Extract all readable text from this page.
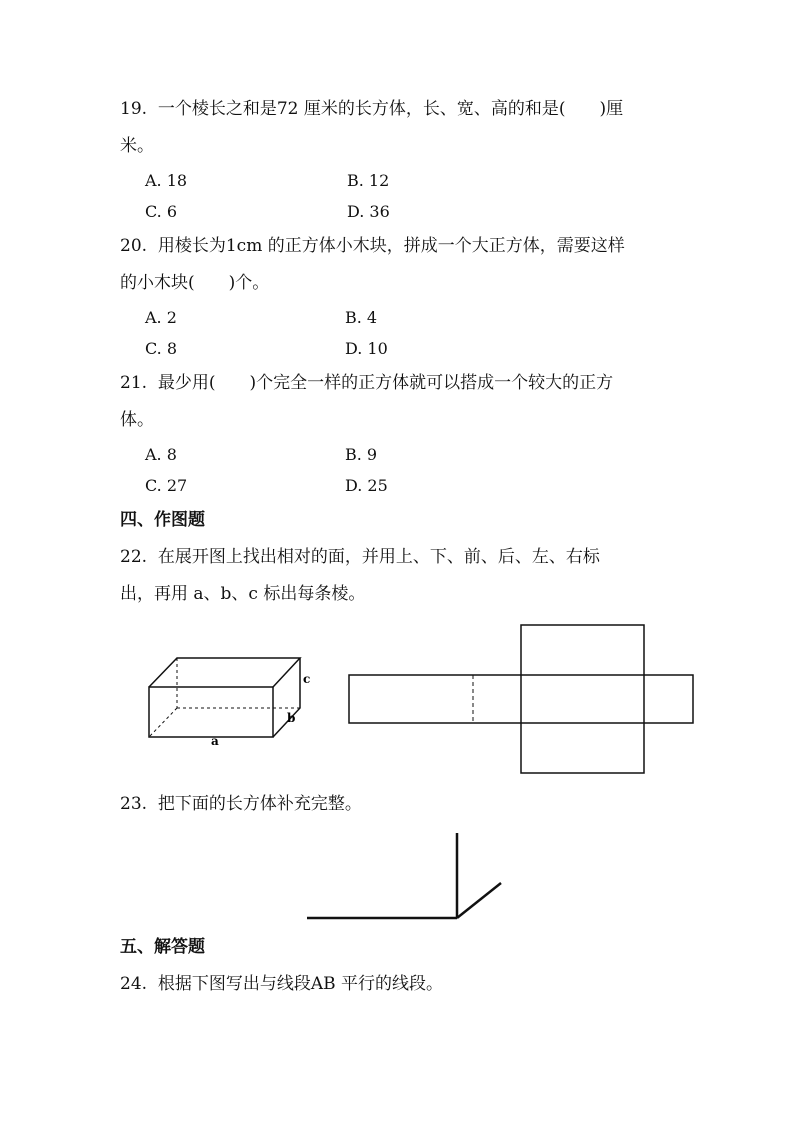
19. 一个棱长之和是72 厘米的长方体，长、宽、高的和是(　　)厘
米。
A. 18	B. 12
C. 6	D. 36
20. 用棱长为1cm 的正方体小木块，拼成一个大正方体，需要这样
的小木块(　　)个。
A. 2	B. 4
C. 8	D. 10
21. 最少用(　　)个完全一样的正方体就可以搭成一个较大的正方
体。
A. 8	B. 9
C. 27	D. 25
四、作图题
22. 在展开图上找出相对的面，并用上、下、前、后、左、右标
出，再用 a、b、c 标出每条棱。
a
b
c
23. 把下面的长方体补充完整。
五、解答题
24. 根据下图写出与线段AB 平行的线段。
